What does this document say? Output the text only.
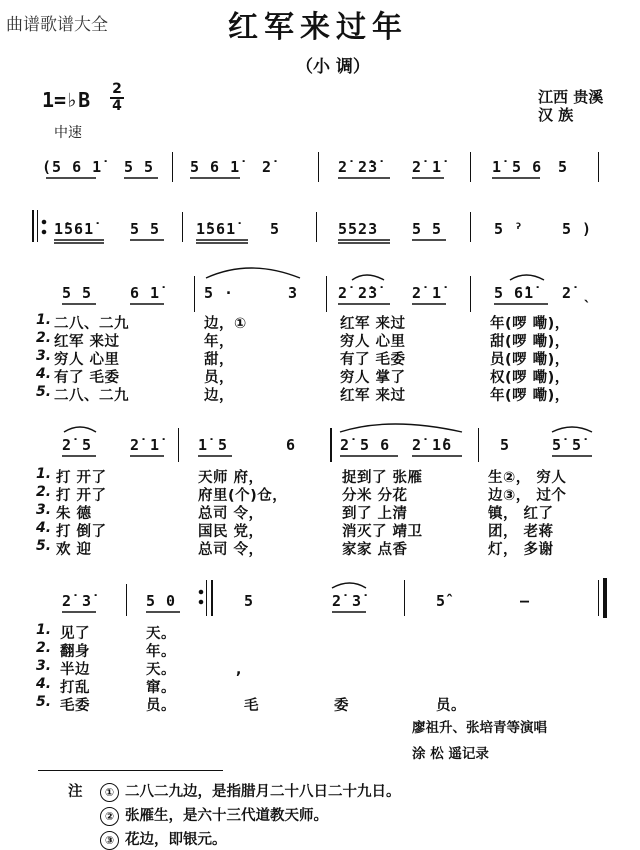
曲谱歌谱大全	红军来过年
（小 调）
1=♭B 2
4
中速
江西 贵溪
汉 族
(5 6 1̇ 5 5 5 6 1̇ 2̇	2̇ 2̇3̇ 2̇ 1̇	1̇ 5 6 5
1̇561̇ 5 5 1̇561̇ 5	5523 5 5	5 ˀ	5 )
5 5	6 1̇	5 ·	3	2̇ 2̇3̇ 2̇ 1̇	5 6̇1̇ 2̇ ˎ
1. 二八、二九	边，①	红军 来过	年(啰 嘞)，
2. 红军 来过	年，	穷人 心里	甜(啰 嘞)，
3. 穷人 心里	甜，	有了 毛委	员(啰 嘞)，
4. 有了 毛委	员，	穷人 掌了	权(啰 嘞)，
5. 二八、二九	边，	红军 来过	年(啰 嘞)，
2̇ 5	2̇ 1̇	1̇ 5	6	2̇ 5 6 2̇ 1̇6	5	5̇ 5̇
1. 打 开了	天师 府，	捉到了 张雁	生②， 穷人
2. 打 开了	府里(个)仓，	分米 分花	边③， 过个
3. 朱 德	总司 令，	到了 上清	镇， 红了
4. 打 倒了	国民 党，	消灭了 靖卫	团， 老蒋
5. 欢 迎	总司 令，	家家 点香	灯， 多谢
2̇ 3̇	5 0	5	2̇ 3̇	5̂	—
1. 见了	天。
2. 翻身	年。
3. 半边	天。
4. 打乱	窜。
5. 毛委	员。	毛	委	员。
,
廖祖升、张培青等演唱
涂 松 遥记录
注	① 二八二九边，是指腊月二十八日二十九日。
② 张雁生，是六十三代道教天师。
③ 花边，即银元。
